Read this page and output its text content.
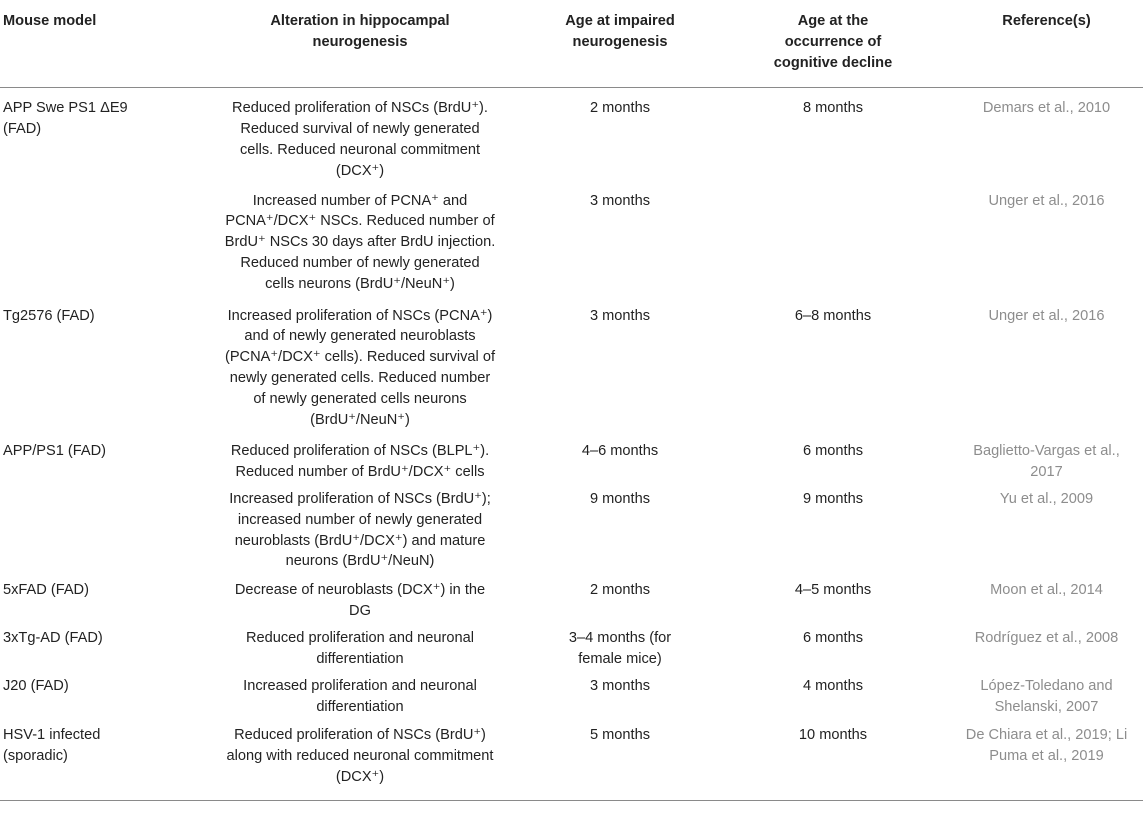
Mouse model	Alteration in hippocampal neurogenesis	Age at impaired neurogenesis	Age at the occurrence of cognitive decline	Reference(s)
APP Swe PS1 ΔE9 (FAD)	Reduced proliferation of NSCs (BrdU⁺). Reduced survival of newly generated cells. Reduced neuronal commitment (DCX⁺)	2 months	8 months	Demars et al., 2010
	Increased number of PCNA⁺ and PCNA⁺/DCX⁺ NSCs. Reduced number of BrdU⁺ NSCs 30 days after BrdU injection. Reduced number of newly generated cells neurons (BrdU⁺/NeuN⁺)	3 months		Unger et al., 2016
Tg2576 (FAD)	Increased proliferation of NSCs (PCNA⁺) and of newly generated neuroblasts (PCNA⁺/DCX⁺ cells). Reduced survival of newly generated cells. Reduced number of newly generated cells neurons (BrdU⁺/NeuN⁺)	3 months	6–8 months	Unger et al., 2016
APP/PS1 (FAD)	Reduced proliferation of NSCs (BLPL⁺). Reduced number of BrdU⁺/DCX⁺ cells	4–6 months	6 months	Baglietto-Vargas et al., 2017
	Increased proliferation of NSCs (BrdU⁺); increased number of newly generated neuroblasts (BrdU⁺/DCX⁺) and mature neurons (BrdU⁺/NeuN)	9 months	9 months	Yu et al., 2009
5xFAD (FAD)	Decrease of neuroblasts (DCX⁺) in the DG	2 months	4–5 months	Moon et al., 2014
3xTg-AD (FAD)	Reduced proliferation and neuronal differentiation	3–4 months (for female mice)	6 months	Rodríguez et al., 2008
J20 (FAD)	Increased proliferation and neuronal differentiation	3 months	4 months	López-Toledano and Shelanski, 2007
HSV-1 infected (sporadic)	Reduced proliferation of NSCs (BrdU⁺) along with reduced neuronal commitment (DCX⁺)	5 months	10 months	De Chiara et al., 2019; Li Puma et al., 2019
